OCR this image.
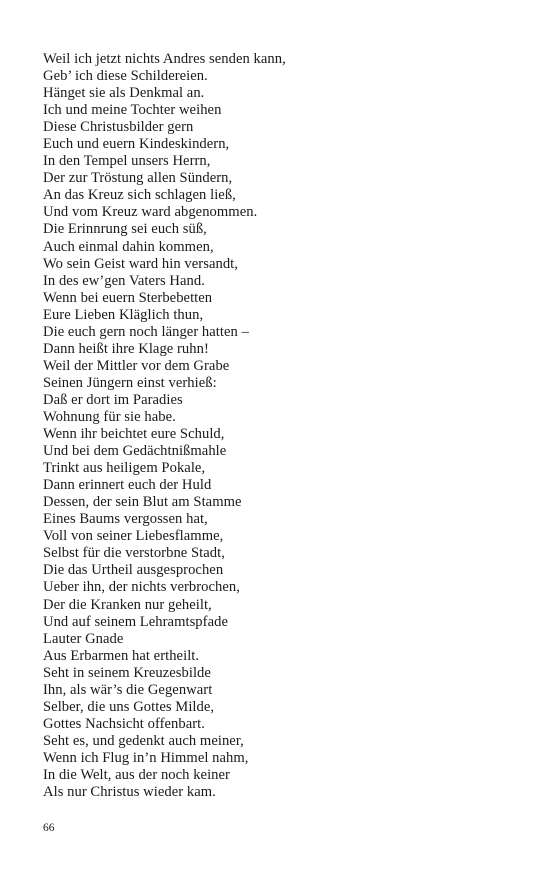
Weil ich jetzt nichts Andres senden kann,
Geb’ ich diese Schildereien.
Hänget sie als Denkmal an.
Ich und meine Tochter weihen
Diese Christusbilder gern
Euch und euern Kindeskindern,
In den Tempel unsers Herrn,
Der zur Tröstung allen Sündern,
An das Kreuz sich schlagen ließ,
Und vom Kreuz ward abgenommen.
Die Erinnrung sei euch süß,
Auch einmal dahin kommen,
Wo sein Geist ward hin versandt,
In des ew’gen Vaters Hand.
Wenn bei euern Sterbebetten
Eure Lieben Kläglich thun,
Die euch gern noch länger hatten –
Dann heißt ihre Klage ruhn!
Weil der Mittler vor dem Grabe
Seinen Jüngern einst verhieß:
Daß er dort im Paradies
Wohnung für sie habe.
Wenn ihr beichtet eure Schuld,
Und bei dem Gedächtnißmahle
Trinkt aus heiligem Pokale,
Dann erinnert euch der Huld
Dessen, der sein Blut am Stamme
Eines Baums vergossen hat,
Voll von seiner Liebesflamme,
Selbst für die verstorbne Stadt,
Die das Urtheil ausgesprochen
Ueber ihn, der nichts verbrochen,
Der die Kranken nur geheilt,
Und auf seinem Lehramtspfade
Lauter Gnade
Aus Erbarmen hat ertheilt.
Seht in seinem Kreuzesbilde
Ihn, als wär’s die Gegenwart
Selber, die uns Gottes Milde,
Gottes Nachsicht offenbart.
Seht es, und gedenkt auch meiner,
Wenn ich Flug in’n Himmel nahm,
In die Welt, aus der noch keiner
Als nur Christus wieder kam.
66
